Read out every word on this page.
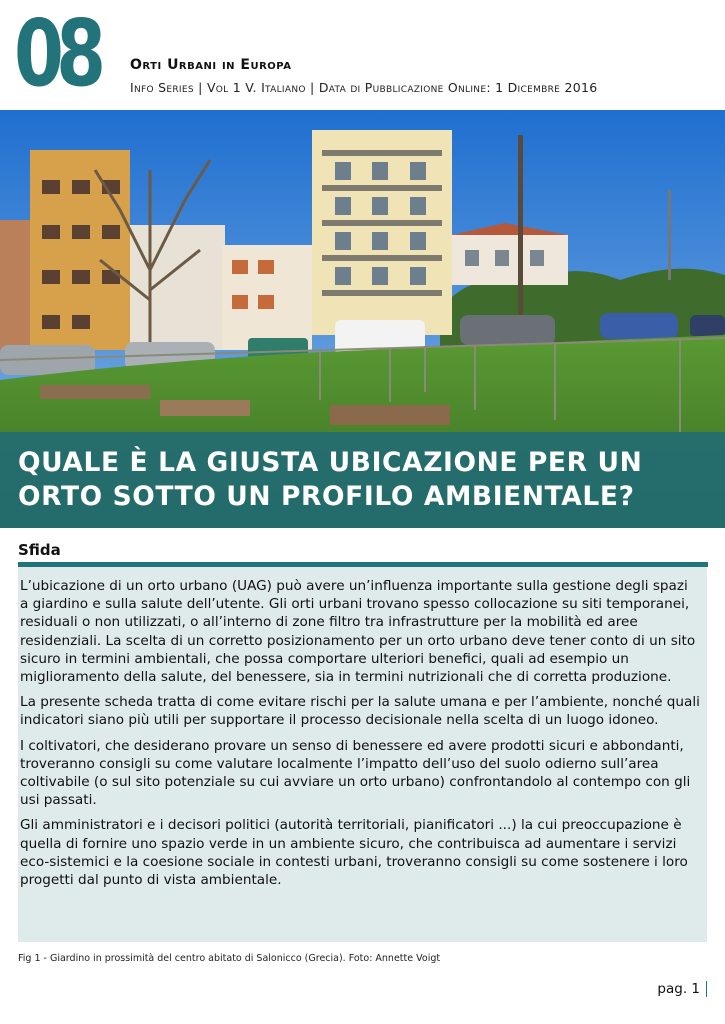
08 Orti Urbani in Europa
Info Series | Vol 1 V. Italiano | Data di Pubblicazione Online: 1 Dicembre 2016
QUALE È LA GIUSTA UBICAZIONE PER UN ORTO SOTTO UN PROFILO AMBIENTALE?
Sfida

L’ubicazione di un orto urbano (UAG) può avere un’influenza importante sulla gestione degli spazi a giardino e sulla salute dell’utente. Gli orti urbani trovano spesso collocazione su siti temporanei, residuali o non utilizzati, o all’interno di zone filtro tra infrastrutture per la mobilità ed aree residenziali. La scelta di un corretto posizionamento per un orto urbano deve tener conto di un sito sicuro in termini ambientali, che possa comportare ulteriori benefici, quali ad esempio un miglioramento della salute, del benessere, sia in termini nutrizionali che di corretta produzione.

La presente scheda tratta di come evitare rischi per la salute umana e per l’ambiente, nonché quali indicatori siano più utili per supportare il processo decisionale nella scelta di un luogo idoneo.

I coltivatori, che desiderano provare un senso di benessere ed avere prodotti sicuri e abbondanti, troveranno consigli su come valutare localmente l’impatto dell’uso del suolo odierno sull’area coltivabile (o sul sito potenziale su cui avviare un orto urbano) confrontandolo al contempo con gli usi passati.

Gli amministratori e i decisori politici (autorità territoriali, pianificatori ...) la cui preoccupazione è quella di fornire uno spazio verde in un ambiente sicuro, che contribuisca ad aumentare i servizi eco-sistemici e la coesione sociale in contesti urbani, troveranno consigli su come sostenere i loro progetti dal punto di vista ambientale.

Fig 1 - Giardino in prossimità del centro abitato di Salonicco (Grecia). Foto: Annette Voigt
pag. 1
